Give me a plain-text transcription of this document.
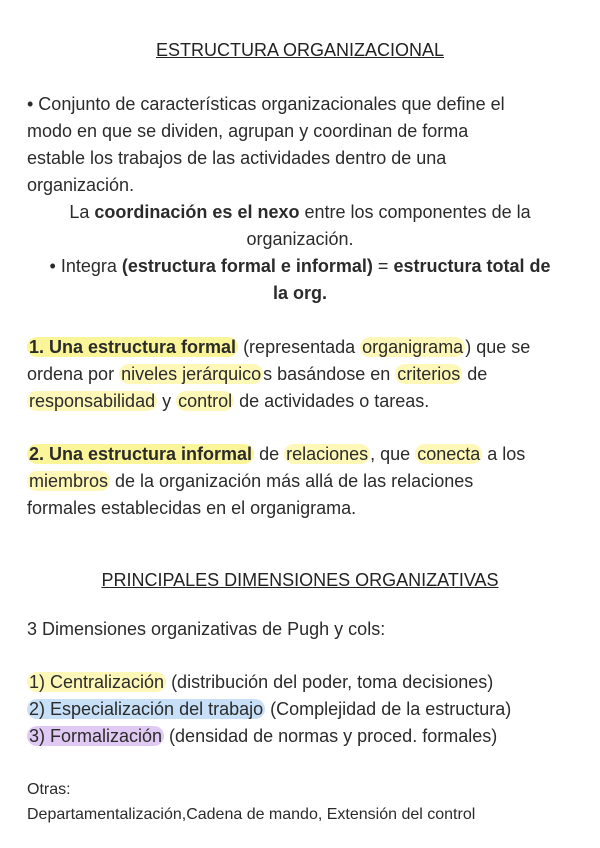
ESTRUCTURA ORGANIZACIONAL
• Conjunto de características organizacionales que define el
modo en que se dividen, agrupan y coordinan de forma
estable los trabajos de las actividades dentro de una
organización.
La coordinación es el nexo entre los componentes de la
organización.
• Integra (estructura formal e informal) = estructura total de
la org.
1. Una estructura formal (representada organigrama ) que se
ordena por niveles jerárquico s basándose en criterios de
responsabilidad y control de actividades o tareas.
2. Una estructura informal de relaciones , que conecta a los
miembros de la organización más allá de las relaciones
formales establecidas en el organigrama.
PRINCIPALES DIMENSIONES ORGANIZATIVAS
3 Dimensiones organizativas de Pugh y cols:
1) Centralización (distribución del poder, toma decisiones)
2) Especialización del trabajo (Complejidad de la estructura)
3) Formalización (densidad de normas y proced. formales)
Otras:
Departamentalización,Cadena de mando, Extensión del control
